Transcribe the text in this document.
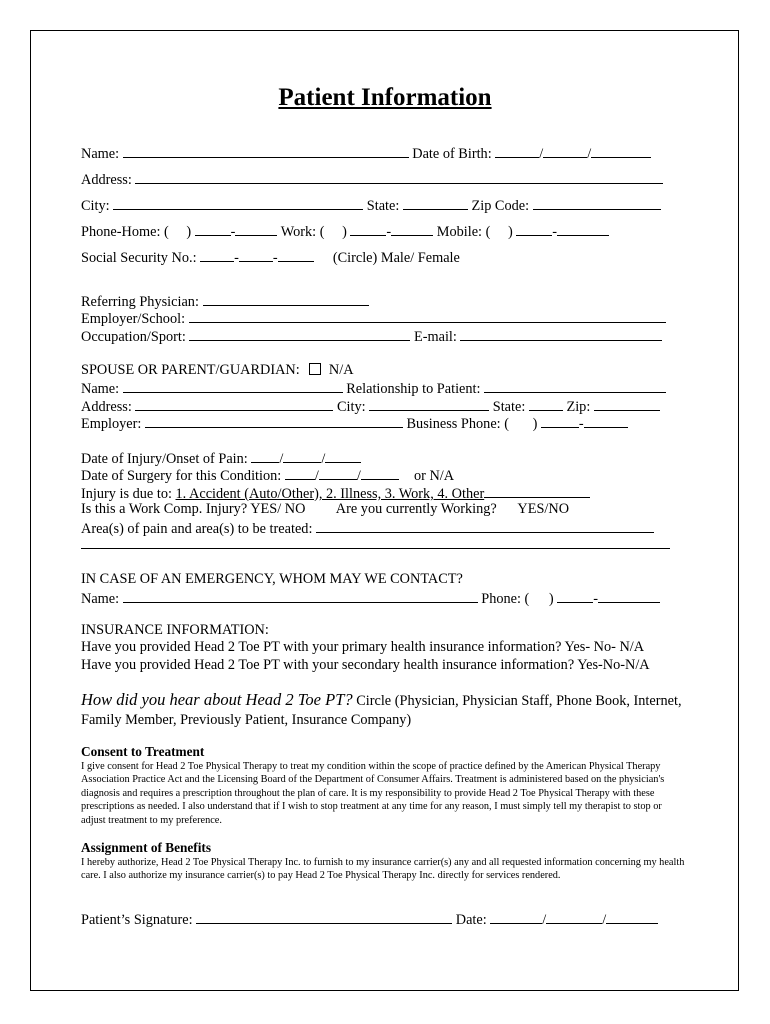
Patient Information
Name:	Date of Birth:	/	/
Address:
City:	State:	Zip Code:
Phone-Home: ( )	-	Work: ( )	-	Mobile: ( )	-
Social Security No.:	- -	(Circle) Male/ Female
Referring Physician:
Employer/School:
Occupation/Sport:	E-mail:
SPOUSE OR PARENT/GUARDIAN: N/A
Name:	Relationship to Patient:
Address:	City:	State:	Zip:
Employer:	Business Phone: ( )	-
Date of Injury/Onset of Pain: /	/
Date of Surgery for this Condition: /	/	or N/A
Injury is due to: 1. Accident (Auto/Other), 2. Illness, 3. Work, 4. Other
Is this a Work Comp. Injury? YES/ NO Are you currently Working? YES/NO
Area(s) of pain and area(s) to be treated:
IN CASE OF AN EMERGENCY, WHOM MAY WE CONTACT?
Name:	Phone: ( )	-
INSURANCE INFORMATION:
Have you provided Head 2 Toe PT with your primary health insurance information? Yes- No- N/A
Have you provided Head 2 Toe PT with your secondary health insurance information? Yes-No-N/A
How did you hear about Head 2 Toe PT? Circle (Physician, Physician Staff, Phone Book, Internet,
Family Member, Previously Patient, Insurance Company)
Consent to Treatment

I give consent for Head 2 Toe Physical Therapy to treat my condition within the scope of practice defined by the American Physical Therapy Association Practice Act and the Licensing Board of the Department of Consumer Affairs. Treatment is administered based on the physician's diagnosis and requires a prescription throughout the plan of care. It is my responsibility to provide Head 2 Toe Physical Therapy with these prescriptions as needed. I also understand that if I wish to stop treatment at any time for any reason, I must simply tell my therapist to stop or adjust treatment to my preference.

Assignment of Benefits

I hereby authorize, Head 2 Toe Physical Therapy Inc. to furnish to my insurance carrier(s) any and all requested information concerning my health care. I also authorize my insurance carrier(s) to pay Head 2 Toe Physical Therapy Inc. directly for services rendered.

Patient’s Signature:	Date:	/	/
